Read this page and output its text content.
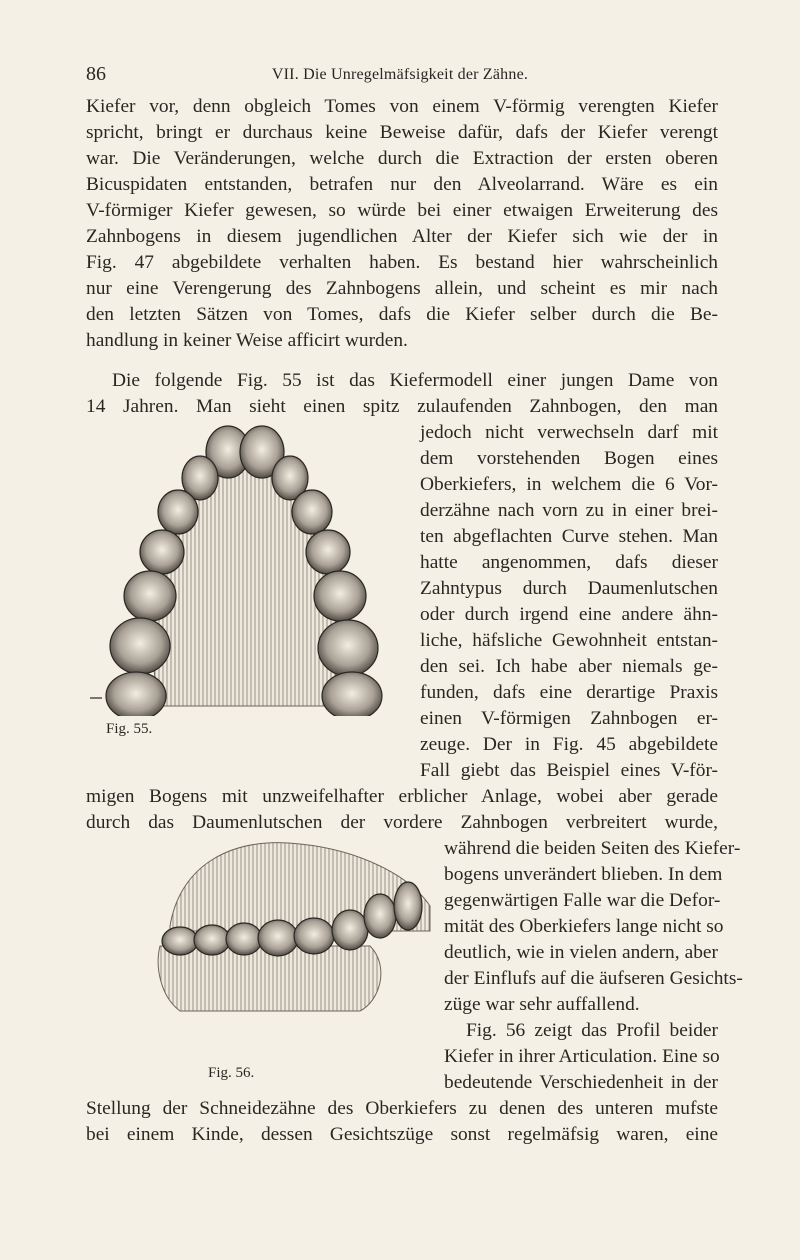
86	VII. Die Unregelmäfsigkeit der Zähne.
Kiefer vor, denn obgleich Tomes von einem V-förmig verengten Kiefer
spricht, bringt er durchaus keine Beweise dafür, dafs der Kiefer verengt
war. Die Veränderungen, welche durch die Extraction der ersten oberen
Bicuspidaten entstanden, betrafen nur den Alveolarrand. Wäre es ein
V-förmiger Kiefer gewesen, so würde bei einer etwaigen Erweiterung des
Zahnbogens in diesem jugendlichen Alter der Kiefer sich wie der in
Fig. 47 abgebildete verhalten haben. Es bestand hier wahrscheinlich
nur eine Verengerung des Zahnbogens allein, und scheint es mir nach
den letzten Sätzen von Tomes, dafs die Kiefer selber durch die Be-
handlung in keiner Weise afficirt wurden.
Die folgende Fig. 55 ist das Kiefermodell einer jungen Dame von
14 Jahren. Man sieht einen spitz zulaufenden Zahnbogen, den man
Fig. 55.
jedoch nicht verwechseln darf mit
dem vorstehenden Bogen eines
Oberkiefers, in welchem die 6 Vor-
derzähne nach vorn zu in einer brei-
ten abgeflachten Curve stehen. Man
hatte angenommen, dafs dieser
Zahntypus durch Daumenlutschen
oder durch irgend eine andere ähn-
liche, häfsliche Gewohnheit entstan-
den sei. Ich habe aber niemals ge-
funden, dafs eine derartige Praxis
einen V-förmigen Zahnbogen er-
zeuge. Der in Fig. 45 abgebildete
Fall giebt das Beispiel eines V-för-
migen Bogens mit unzweifelhafter erblicher Anlage, wobei aber gerade
durch das Daumenlutschen der vordere Zahnbogen verbreitert wurde,
Fig. 56.
während die beiden Seiten des Kiefer-
bogens unverändert blieben. In dem
gegenwärtigen Falle war die Defor-
mität des Oberkiefers lange nicht so
deutlich, wie in vielen andern, aber
der Einflufs auf die äufseren Gesichts-
züge war sehr auffallend.
Fig. 56 zeigt das Profil beider
Kiefer in ihrer Articulation. Eine so
bedeutende Verschiedenheit in der
Stellung der Schneidezähne des Oberkiefers zu denen des unteren mufste
bei einem Kinde, dessen Gesichtszüge sonst regelmäfsig waren, eine
